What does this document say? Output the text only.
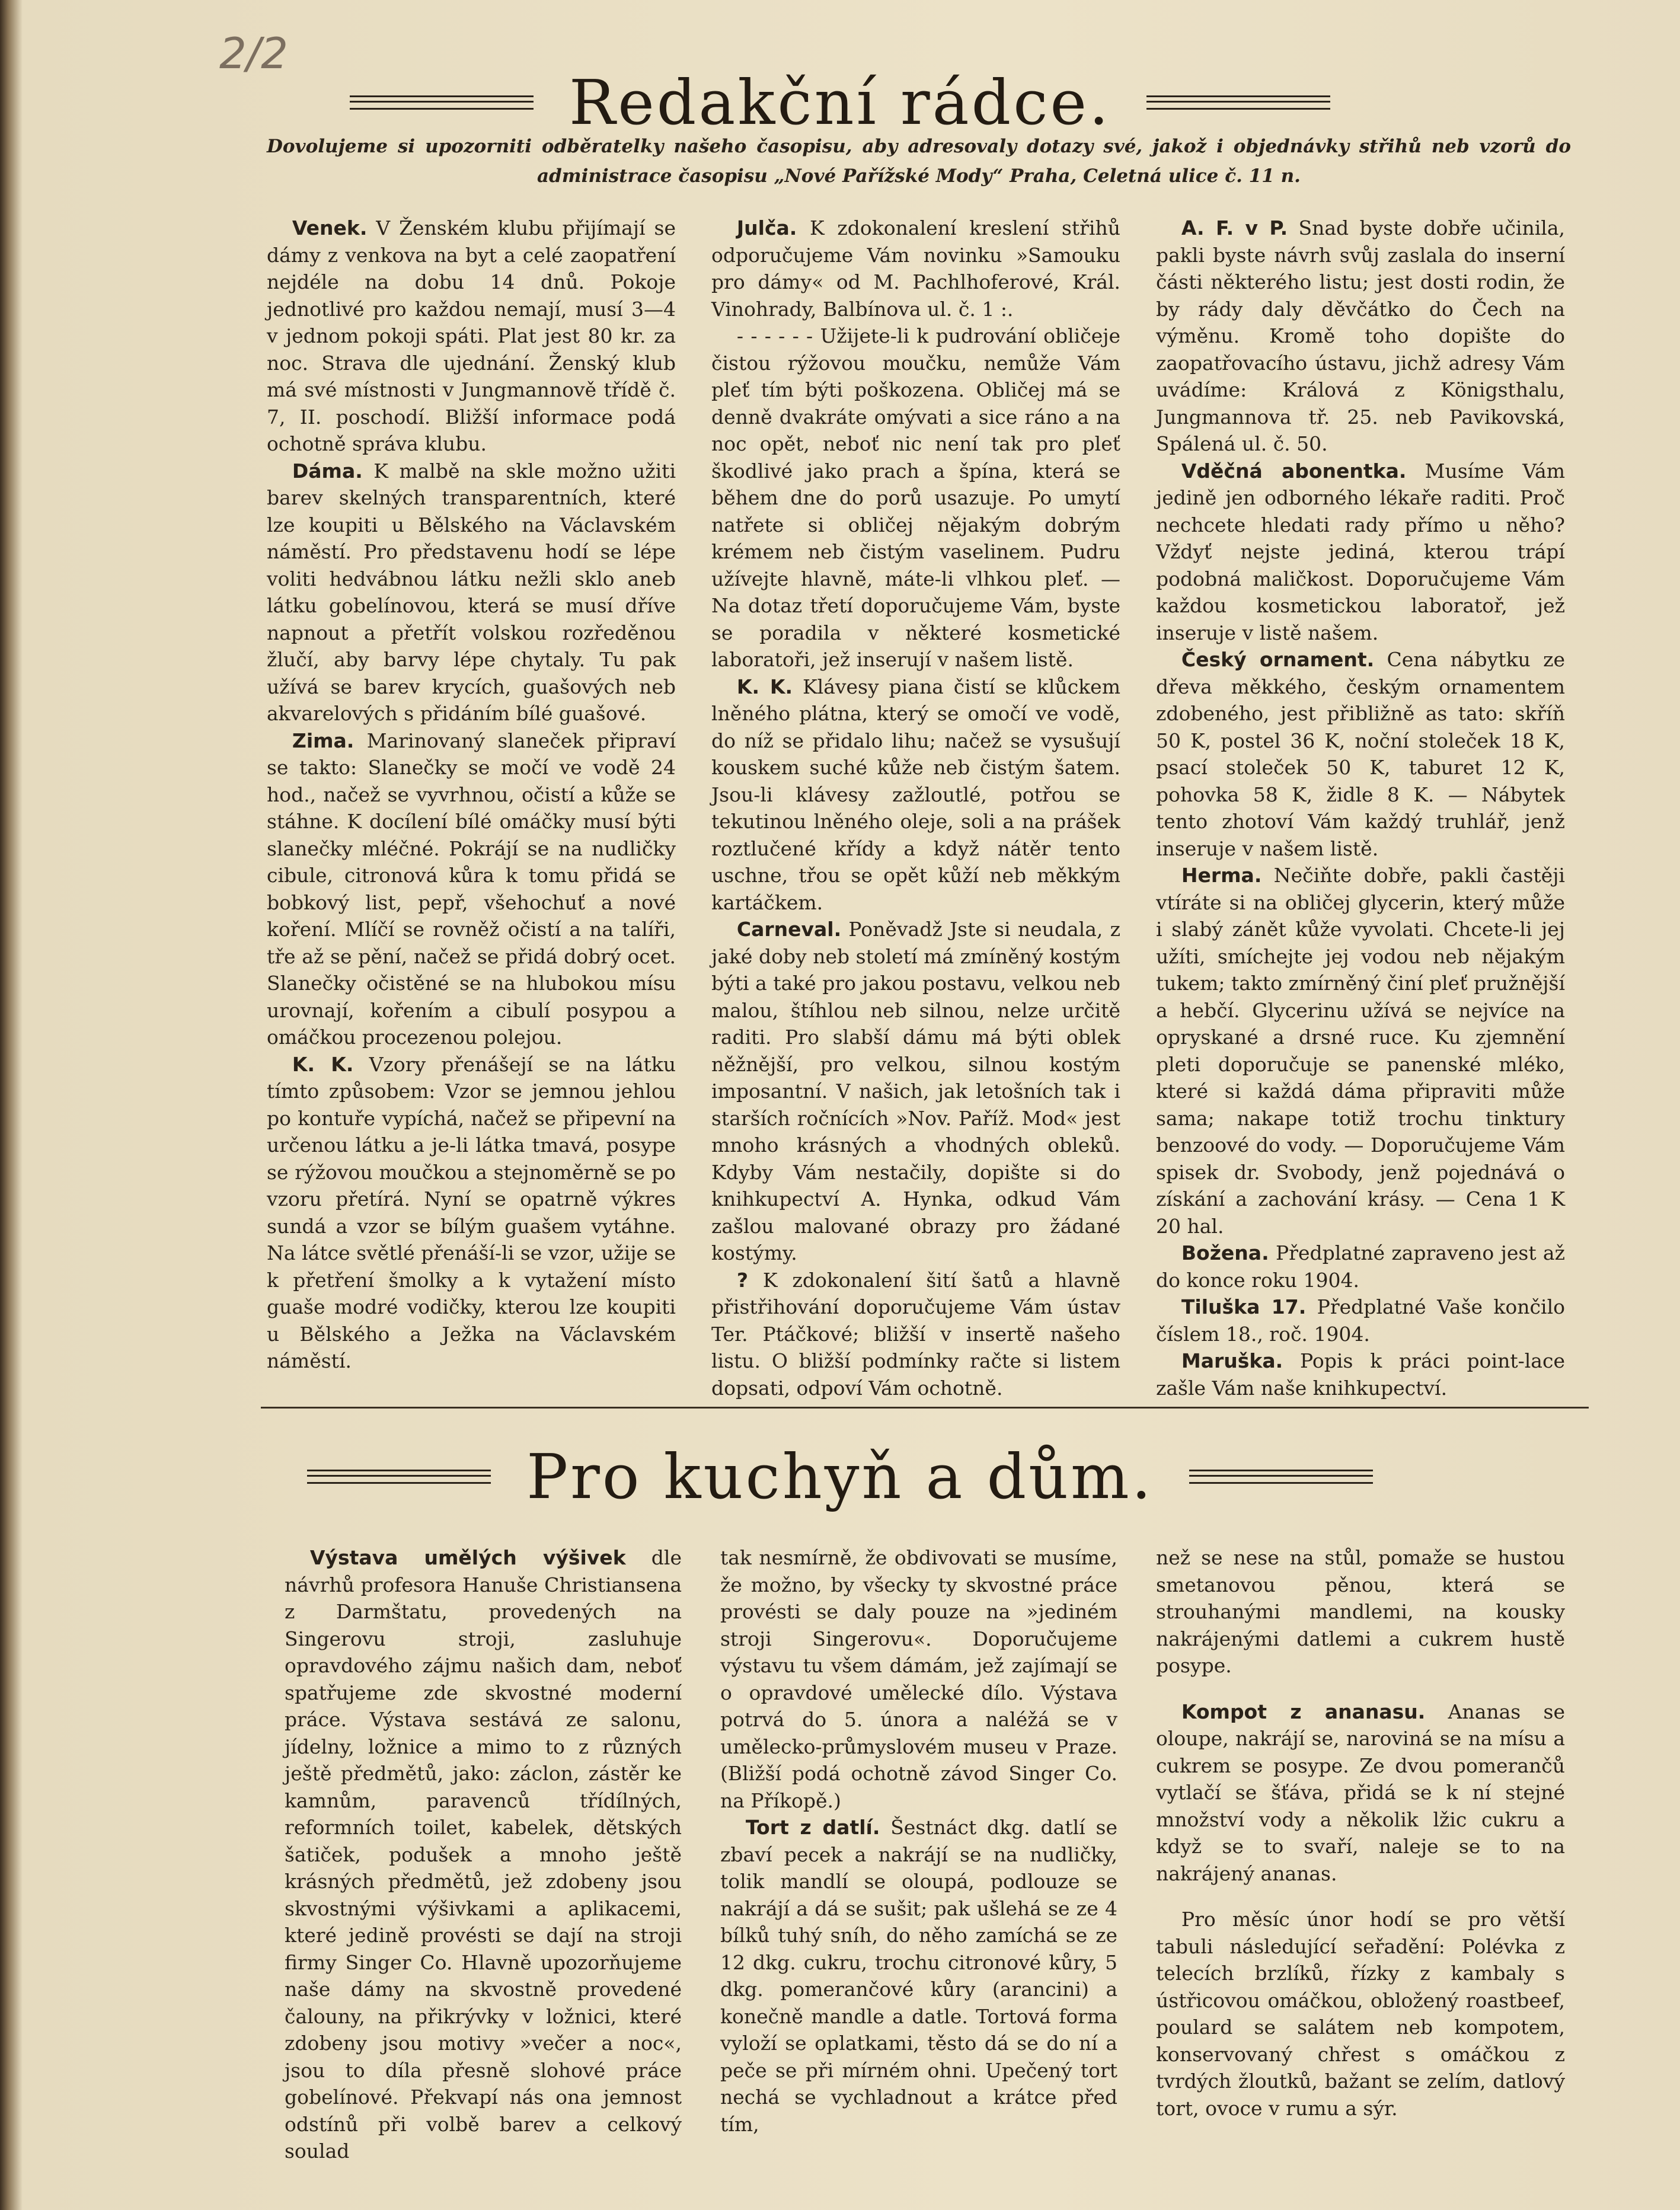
2/2
Redakční rádce.
Dovolujeme si upozorniti odběratelky našeho časopisu, aby adresovaly dotazy své, jakož i objednávky střihů neb vzorů do administrace časopisu „Nové Pařížské Mody“ Praha, Celetná ulice č. 11 n.

Venek. V Ženském klubu přijímají se dámy z venkova na byt a celé zaopatření nejdéle na dobu 14 dnů. Pokoje jednotlivé pro každou nemají, musí 3—4 v jednom pokoji spáti. Plat jest 80 kr. za noc. Strava dle ujednání. Ženský klub má své místnosti v Jungmannově třídě č. 7, II. poschodí. Bližší informace podá ochotně správa klubu.

Dáma. K malbě na skle možno užiti barev skelných transparentních, které lze koupiti u Bělského na Václavském náměstí. Pro představenu hodí se lépe voliti hedvábnou látku nežli sklo aneb látku gobelínovou, která se musí dříve napnout a přetřít volskou rozředěnou žlučí, aby barvy lépe chytaly. Tu pak užívá se barev krycích, guašových neb akvarelových s přidáním bílé guašové.

Zima. Marinovaný slaneček připraví se takto: Slanečky se močí ve vodě 24 hod., načež se vyvrhnou, očistí a kůže se stáhne. K docílení bílé omáčky musí býti slanečky mléčné. Pokrájí se na nudličky cibule, citronová kůra k tomu přidá se bobkový list, pepř, všehochuť a nové koření. Mlíčí se rovněž očistí a na talíři, tře až se pění, načež se přidá dobrý ocet. Slanečky očistěné se na hlubokou mísu urovnají, kořením a cibulí posypou a omáčkou procezenou polejou.

K. K. Vzory přenášejí se na látku tímto způsobem: Vzor se jemnou jehlou po kontuře vypíchá, načež se připevní na určenou látku a je-li látka tmavá, posype se rýžovou moučkou a stejnoměrně se po vzoru přetírá. Nyní se opatrně výkres sundá a vzor se bílým guašem vytáhne. Na látce světlé přenáší-li se vzor, užije se k přetření šmolky a k vytažení místo guaše modré vodičky, kterou lze koupiti u Bělského a Ježka na Václavském náměstí.

Julča. K zdokonalení kreslení střihů odporučujeme Vám novinku »Samouku pro dámy« od M. Pachlhoferové, Král. Vinohrady, Balbínova ul. č. 1 :.

- - - - - - Užijete-li k pudrování obličeje čistou rýžovou moučku, nemůže Vám pleť tím býti poškozena. Obličej má se denně dvakráte omývati a sice ráno a na noc opět, neboť nic není tak pro pleť škodlivé jako prach a špína, která se během dne do porů usazuje. Po umytí natřete si obličej nějakým dobrým krémem neb čistým vaselinem. Pudru užívejte hlavně, máte-li vlhkou pleť. — Na dotaz třetí doporučujeme Vám, byste se poradila v některé kosmetické laboratoři, jež inserují v našem listě.

K. K. Klávesy piana čistí se klůckem lněného plátna, který se omočí ve vodě, do níž se přidalo lihu; načež se vysušují kouskem suché kůže neb čistým šatem. Jsou-li klávesy zažloutlé, potřou se tekutinou lněného oleje, soli a na prášek roztlučené křídy a když nátěr tento uschne, třou se opět kůží neb měkkým kartáčkem.

Carneval. Poněvadž Jste si neudala, z jaké doby neb století má zmíněný kostým býti a také pro jakou postavu, velkou neb malou, štíhlou neb silnou, nelze určitě raditi. Pro slabší dámu má býti oblek něžnější, pro velkou, silnou kostým imposantní. V našich, jak letošních tak i starších ročnících »Nov. Paříž. Mod« jest mnoho krásných a vhodných obleků. Kdyby Vám nestačily, dopište si do knihkupectví A. Hynka, odkud Vám zašlou malované obrazy pro žádané kostýmy.

? K zdokonalení šití šatů a hlavně přistřihování doporučujeme Vám ústav Ter. Ptáčkové; bližší v insertě našeho listu. O bližší podmínky račte si listem dopsati, odpoví Vám ochotně.

A. F. v P. Snad byste dobře učinila, pakli byste návrh svůj zaslala do inserní části některého listu; jest dosti rodin, že by rády daly děvčátko do Čech na výměnu. Kromě toho dopište do zaopatřovacího ústavu, jichž adresy Vám uvádíme: Králová z Königsthalu, Jungmannova tř. 25. neb Pavikovská, Spálená ul. č. 50.

Vděčná abonentka. Musíme Vám jedině jen odborného lékaře raditi. Proč nechcete hledati rady přímo u něho? Vždyť nejste jediná, kterou trápí podobná maličkost. Doporučujeme Vám každou kosmetickou laboratoř, jež inseruje v listě našem.

Český ornament. Cena nábytku ze dřeva měkkého, českým ornamentem zdobeného, jest přibližně as tato: skříň 50 K, postel 36 K, noční stoleček 18 K, psací stoleček 50 K, taburet 12 K, pohovka 58 K, židle 8 K. — Nábytek tento zhotoví Vám každý truhlář, jenž inseruje v našem listě.

Herma. Nečiňte dobře, pakli častěji vtíráte si na obličej glycerin, který může i slabý zánět kůže vyvolati. Chcete-li jej užíti, smíchejte jej vodou neb nějakým tukem; takto zmírněný činí pleť pružnější a hebčí. Glycerinu užívá se nejvíce na opryskané a drsné ruce. Ku zjemnění pleti doporučuje se panenské mléko, které si každá dáma připraviti může sama; nakape totiž trochu tinktury benzoové do vody. — Doporučujeme Vám spisek dr. Svobody, jenž pojednává o získání a zachování krásy. — Cena 1 K 20 hal.

Božena. Předplatné zapraveno jest až do konce roku 1904.

Tiluška 17. Předplatné Vaše končilo číslem 18., roč. 1904.

Maruška. Popis k práci point-lace zašle Vám naše knihkupectví.

Pro kuchyň a dům.

Výstava umělých výšivek dle návrhů profesora Hanuše Christiansena z Darmštatu, provedených na Singerovu stroji, zasluhuje opravdového zájmu našich dam, neboť spatřujeme zde skvostné moderní práce. Výstava sestává ze salonu, jídelny, ložnice a mimo to z různých ještě předmětů, jako: záclon, zástěr ke kamnům, paravenců třídílných, reformních toilet, kabelek, dětských šatiček, podušek a mnoho ještě krásných předmětů, jež zdobeny jsou skvostnými výšivkami a aplikacemi, které jedině provésti se dají na stroji firmy Singer Co. Hlavně upozorňujeme naše dámy na skvostně provedené čalouny, na přikrývky v ložnici, které zdobeny jsou motivy »večer a noc«, jsou to díla přesně slohové práce gobelínové. Překvapí nás ona jemnost odstínů při volbě barev a celkový soulad

tak nesmírně, že obdivovati se musíme, že možno, by všecky ty skvostné práce provésti se daly pouze na »jediném stroji Singerovu«. Doporučujeme výstavu tu všem dámám, jež zajímají se o opravdové umělecké dílo. Výstava potrvá do 5. února a naléžá se v umělecko-průmyslovém museu v Praze. (Bližší podá ochotně závod Singer Co. na Příkopě.)

Tort z datlí. Šestnáct dkg. datlí se zbaví pecek a nakrájí se na nudličky, tolik mandlí se oloupá, podlouze se nakrájí a dá se sušit; pak ušlehá se ze 4 bílků tuhý sníh, do něho zamíchá se ze 12 dkg. cukru, trochu citronové kůry, 5 dkg. pomerančové kůry (arancini) a konečně mandle a datle. Tortová forma vyloží se oplatkami, těsto dá se do ní a peče se při mírném ohni. Upečený tort nechá se vychladnout a krátce před tím,

než se nese na stůl, pomaže se hustou smetanovou pěnou, která se strouhanými mandlemi, na kousky nakrájenými datlemi a cukrem hustě posype.

Kompot z ananasu. Ananas se oloupe, nakrájí se, naroviná se na mísu a cukrem se posype. Ze dvou pomerančů vytlačí se šťáva, přidá se k ní stejné množství vody a několik lžic cukru a když se to svaří, naleje se to na nakrájený ananas.

Pro měsíc únor hodí se pro větší tabuli následující seřadění: Polévka z telecích brzlíků, řízky z kambaly s ústřicovou omáčkou, obložený roastbeef, poulard se salátem neb kompotem, konservovaný chřest s omáčkou z tvrdých žloutků, bažant se zelím, datlový tort, ovoce v rumu a sýr.
